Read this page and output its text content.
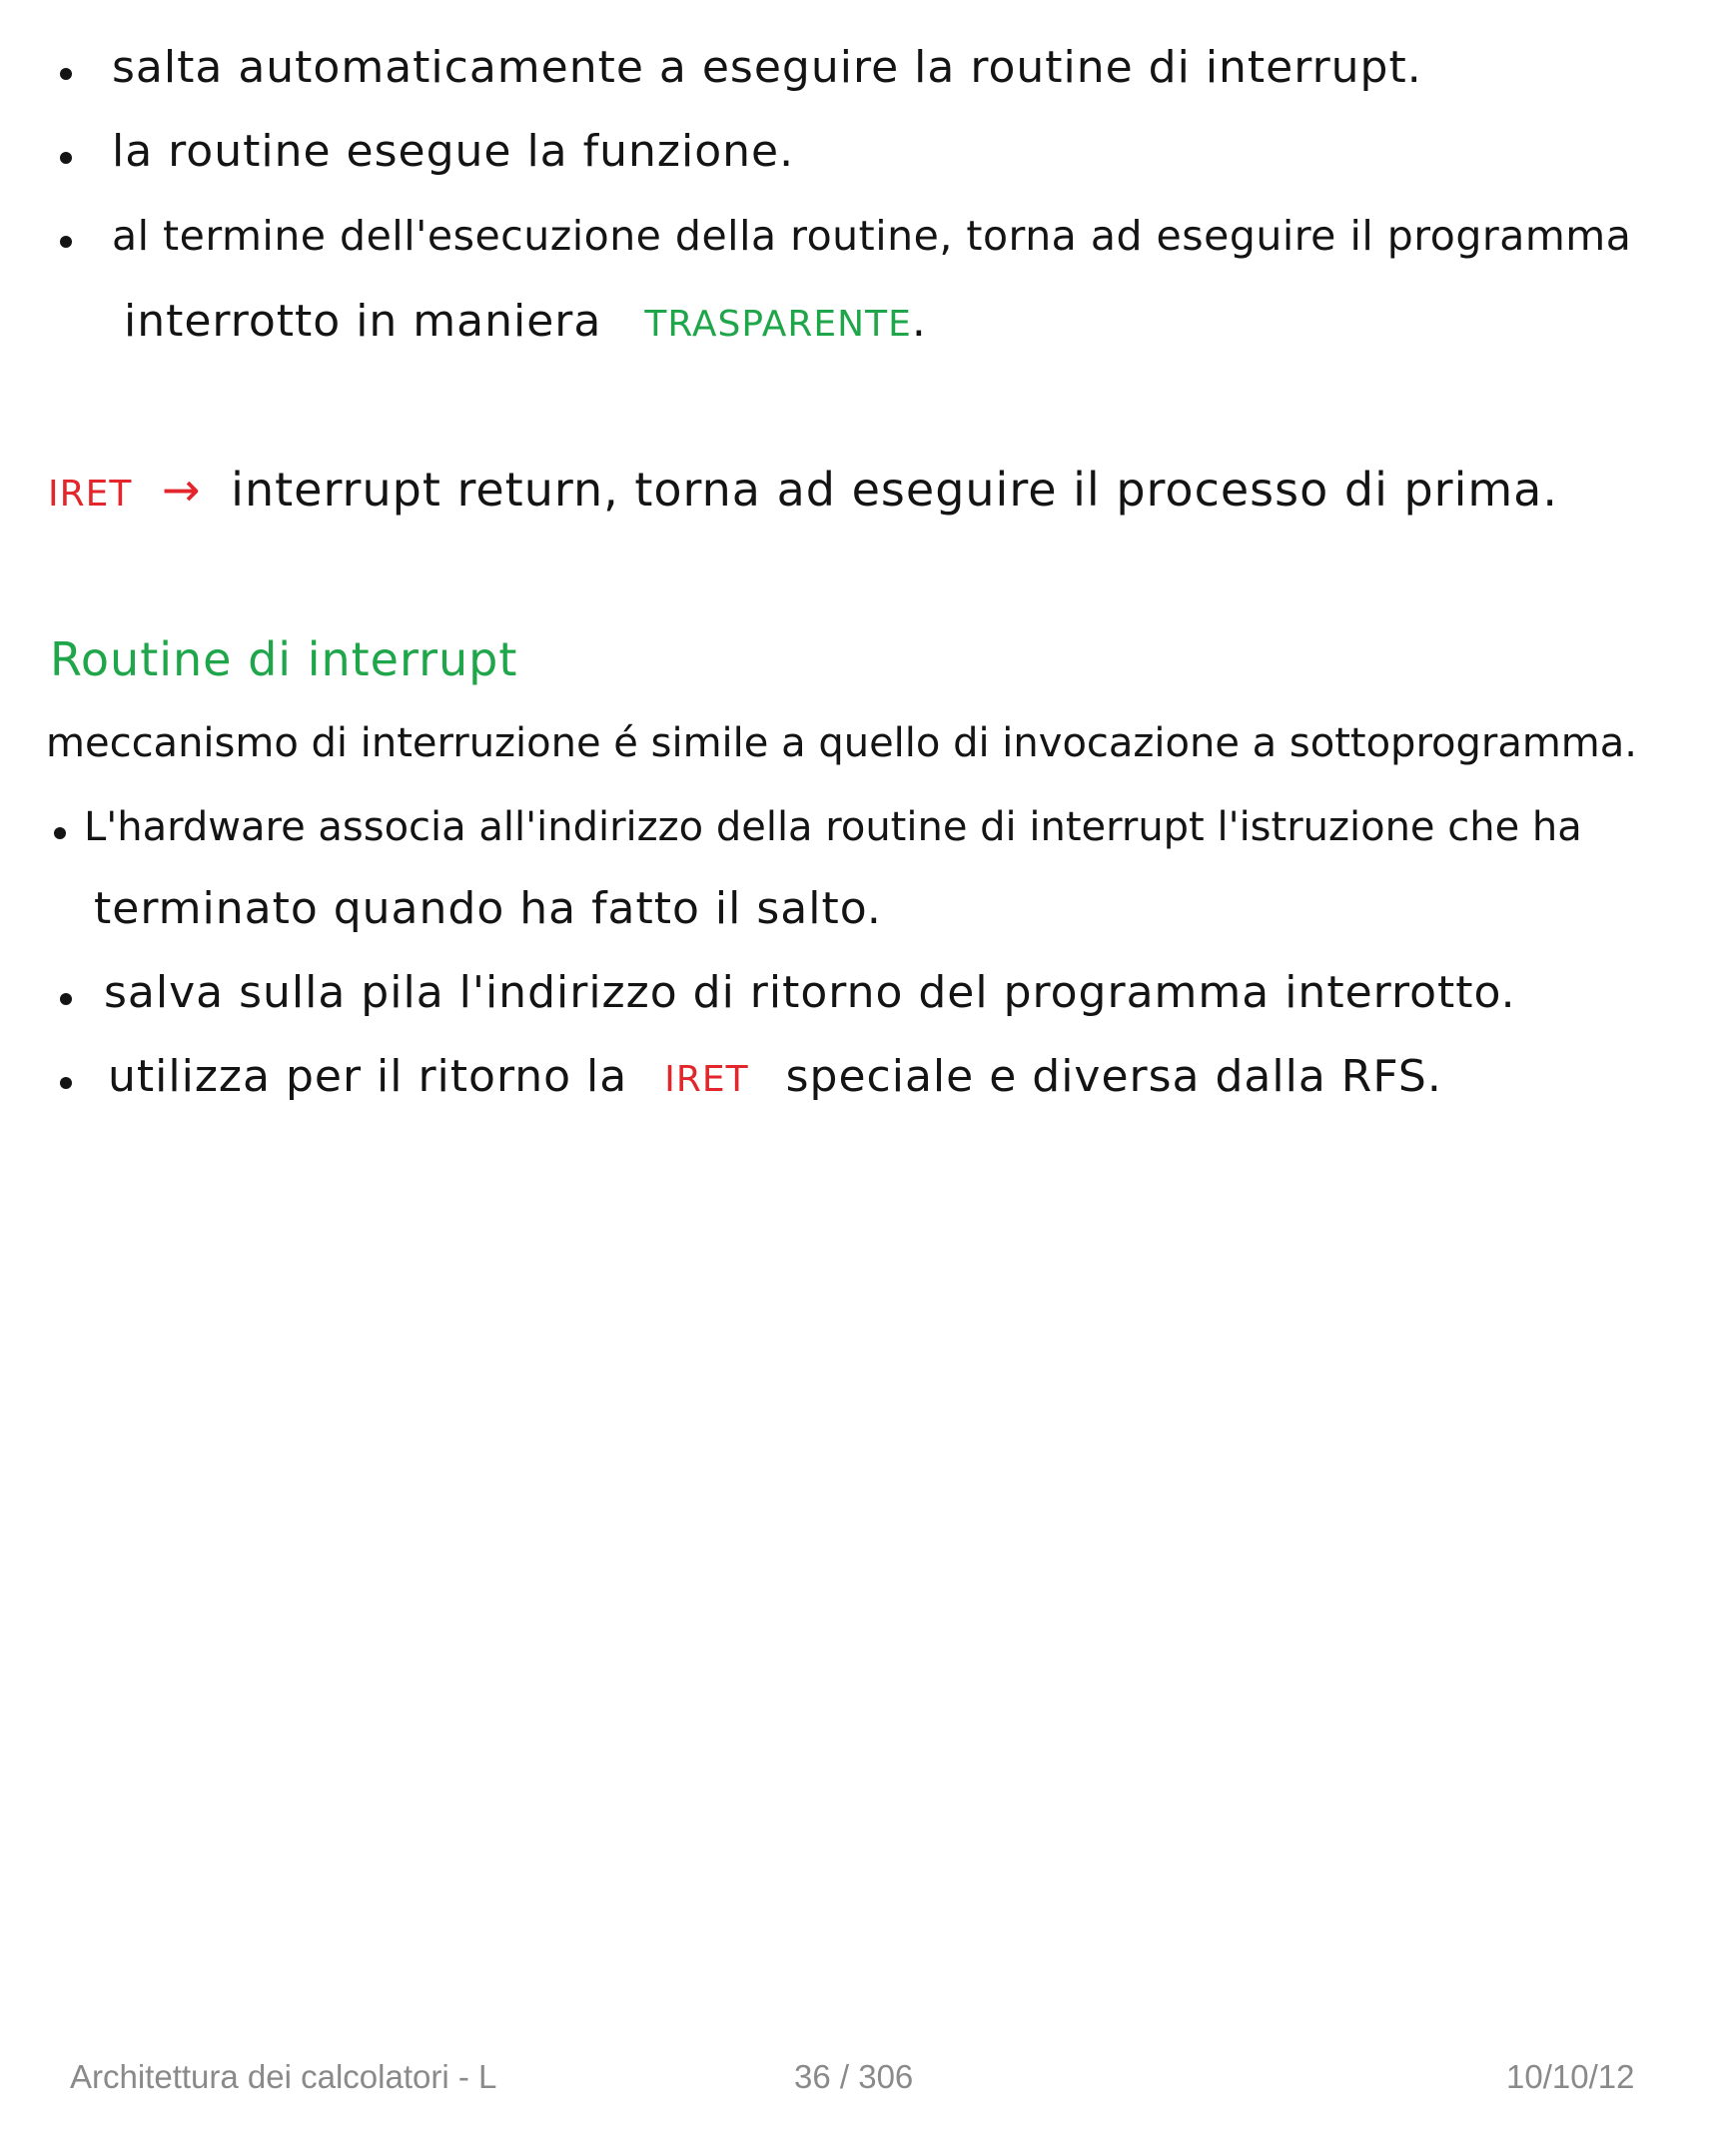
salta automaticamente a eseguire la routine di interrupt.
la routine esegue la funzione.
al termine dell'esecuzione della routine, torna ad eseguire il programma
interrotto in maniera TRASPARENTE.
IRET → interrupt return, torna ad eseguire il processo di prima.
Routine di interrupt
meccanismo di interruzione é simile a quello di invocazione a sottoprogramma.
L'hardware associa all'indirizzo della routine di interrupt l'istruzione che ha
terminato quando ha fatto il salto.
salva sulla pila l'indirizzo di ritorno del programma interrotto.
utilizza per il ritorno la IRET speciale e diversa dalla RFS.
Architettura dei calcolatori - L	36 / 306	10/10/12
